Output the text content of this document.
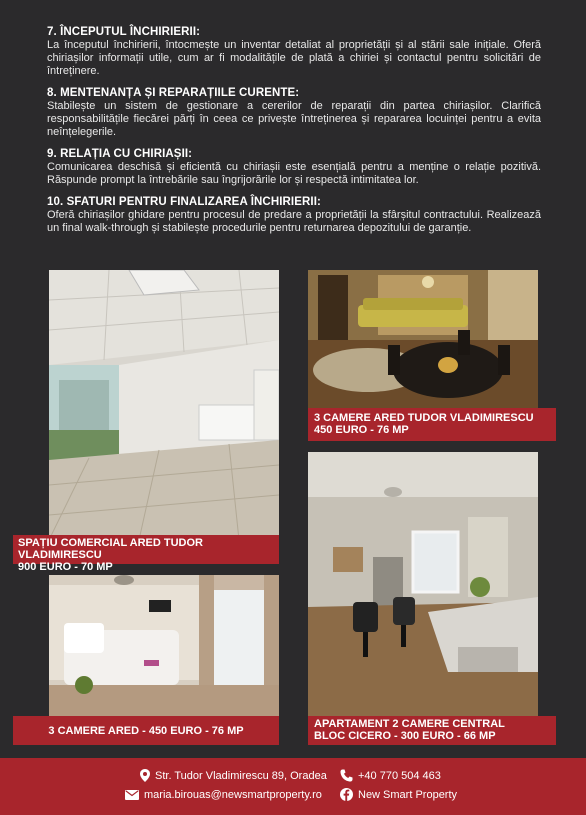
7. ÎNCEPUTUL ÎNCHIRIERII:

La începutul închirierii, întocmește un inventar detaliat al proprietății și al stării sale inițiale. Oferă chiriașilor informații utile, cum ar fi modalitățile de plată a chiriei și contactul pentru solicitări de întreținere.

8. MENTENANȚA ȘI REPARAȚIILE CURENTE:

Stabilește un sistem de gestionare a cererilor de reparații din partea chiriașilor. Clarifică responsabilitățile fiecărei părți în ceea ce privește întreținerea și repararea locuinței pentru a evita neînțelegerile.

9. RELAȚIA CU CHIRIAȘII:

Comunicarea deschisă și eficientă cu chiriașii este esențială pentru a menține o relație pozitivă. Răspunde prompt la întrebările sau îngrijorările lor și respectă intimitatea lor.

10. SFATURI PENTRU FINALIZAREA ÎNCHIRIERII:

Oferă chiriașilor ghidare pentru procesul de predare a proprietății la sfârșitul contractului. Realizează un final walk-through și stabilește procedurile pentru returnarea depozitului de garanție.

SPAȚIU COMERCIAL ARED TUDOR VLADIMIRESCU
900 EURO - 70 MP
3 CAMERE ARED TUDOR VLADIMIRESCU
450 EURO - 76 MP
APARTAMENT 2 CAMERE CENTRAL
BLOC CICERO - 300 EURO - 66 MP
3 CAMERE ARED - 450 EURO - 76 MP
Str. Tudor Vladimirescu 89, Oradea	+40 770 504 463
maria.birouas@newsmartproperty.ro	New Smart Property
